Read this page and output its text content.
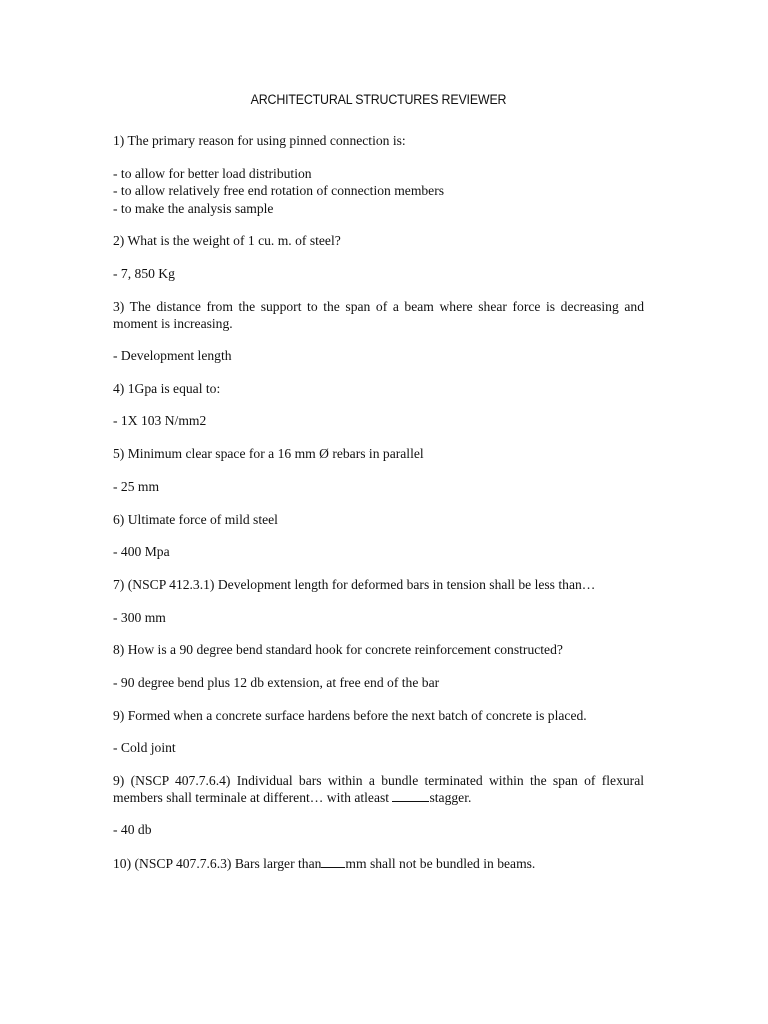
ARCHITECTURAL STRUCTURES REVIEWER
1) The primary reason for using pinned connection is:
- to allow for better load distribution
- to allow relatively free end rotation of connection members
- to make the analysis sample
2) What is the weight of 1 cu. m. of steel?
- 7, 850 Kg
3) The distance from the support to the span of a beam where shear force is decreasing and moment is increasing.
- Development length
4) 1Gpa is equal to:
- 1X 103 N/mm2
5) Minimum clear space for a 16 mm Ø rebars in parallel
- 25 mm
6) Ultimate force of mild steel
- 400 Mpa
7) (NSCP 412.3.1) Development length for deformed bars in tension shall be less than…
- 300 mm
8) How is a 90 degree bend standard hook for concrete reinforcement constructed?
- 90 degree bend plus 12 db extension, at free end of the bar
9) Formed when a concrete surface hardens before the next batch of concrete is placed.
- Cold joint
9) (NSCP 407.7.6.4) Individual bars within a bundle terminated within the span of flexural members shall terminale at different… with atleast	stagger.
- 40 db
10) (NSCP 407.7.6.3) Bars larger than mm shall not be bundled in beams.
